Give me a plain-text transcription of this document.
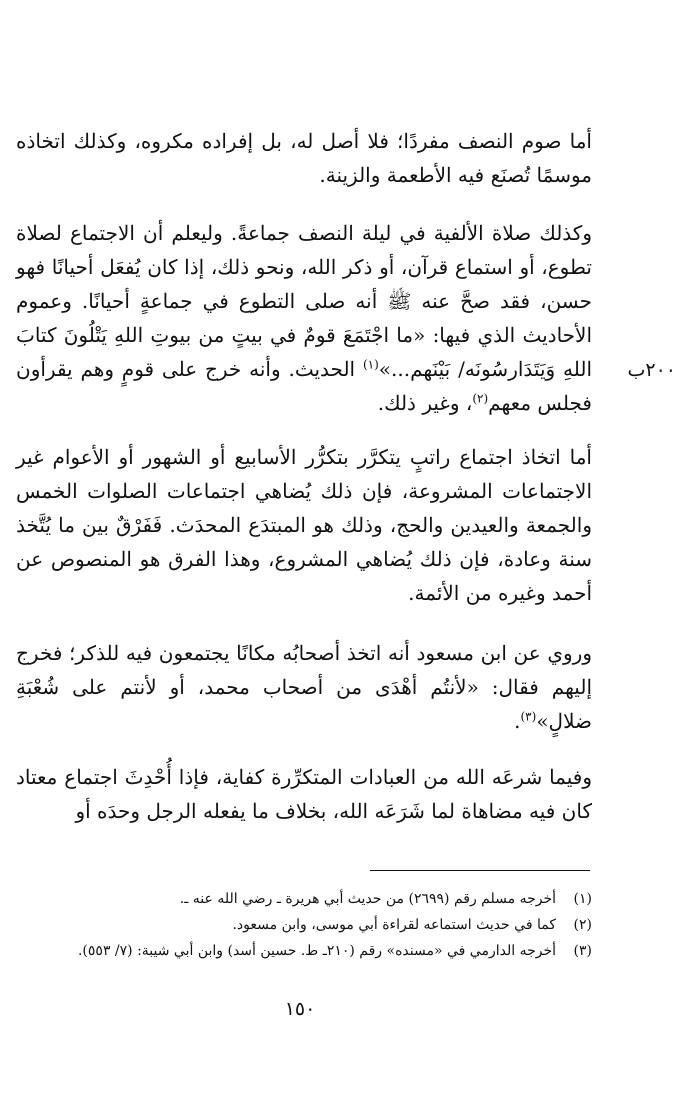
٢٠٠ب

أما صوم النصف مفردًا؛ فلا أصل له، بل إفراده مكروه، وكذلك اتخاذه موسمًا تُصنَع فيه الأطعمة والزينة.

وكذلك صلاة الألفية في ليلة النصف جماعةً. وليعلم أن الاجتماع لصلاة تطوع، أو استماع قرآن، أو ذكر الله، ونحو ذلك، إذا كان يُفعَل أحيانًا فهو حسن، فقد صحَّ عنه ﷺ أنه صلى التطوع في جماعةٍ أحيانًا. وعموم الأحاديث الذي فيها: «ما اجْتَمَعَ قومٌ في بيتٍ من بيوتِ اللهِ يَتْلُونَ كتابَ اللهِ وَيَتَدَارسُونَه/ بَيْنَهم...»$^{(١)}$ الحديث. وأنه خرج على قومٍ وهم يقرأون فجلس معهم$^{(٢)}$، وغير ذلك.

أما اتخاذ اجتماع راتبٍ يتكرَّر بتكرُّر الأسابيع أو الشهور أو الأعوام غير الاجتماعات المشروعة، فإن ذلك يُضاهي اجتماعات الصلوات الخمس والجمعة والعيدين والحج، وذلك هو المبتدَع المحدَث. فَفَرْقٌ بين ما يُتَّخذ سنة وعادة، فإن ذلك يُضاهي المشروع، وهذا الفرق هو المنصوص عن أحمد وغيره من الأئمة.

وروي عن ابن مسعود أنه اتخذ أصحابُه مكانًا يجتمعون فيه للذكر؛ فخرج إليهم فقال: «لأنتُم أهْدَى من أصحاب محمد، أو لأنتم على شُعْبَةِ ضلالٍ»$^{(٣)}$.

وفيما شرعَه الله من العبادات المتكرِّرة كفاية، فإذا أُحْدِثَ اجتماع معتاد كان فيه مضاهاة لما شَرَعَه الله، بخلاف ما يفعله الرجل وحدَه أو

(١)
أخرجه مسلم رقم (٢٦٩٩) من حديث أبي هريرة ـ رضي الله عنه ـ.
(٢)
كما في حديث استماعه لقراءة أبي موسى، وابن مسعود.
(٣)
أخرجه الدارمي في «مسنده» رقم (٢١٠ـ ط. حسين أسد) وابن أبي شيبة: (٧/ ٥٥٣).
١٥٠
